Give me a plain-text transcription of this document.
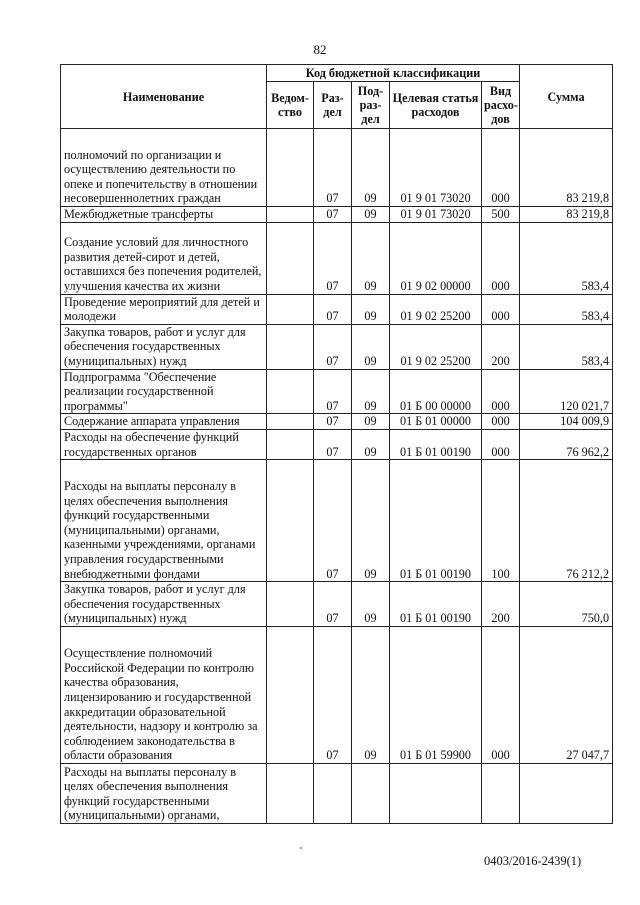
82
Наименование	Код бюджетной классификации					Сумма
	Ведом-ство	Раз-дел	Под-раз-дел	Целевая статья расходов	Вид расхо-дов	
полномочий по организации и осуществлению деятельности по опеке и попечительству в отношении несовершеннолетних граждан		07	09	01 9 01 73020	000	83 219,8
Межбюджетные трансферты		07	09	01 9 01 73020	500	83 219,8
Создание условий для личностного развития детей-сирот и детей, оставшихся без попечения родителей, улучшения качества их жизни		07	09	01 9 02 00000	000	583,4
Проведение мероприятий для детей и молодежи		07	09	01 9 02 25200	000	583,4
Закупка товаров, работ и услуг для обеспечения государственных (муниципальных) нужд		07	09	01 9 02 25200	200	583,4
Подпрограмма "Обеспечение реализации государственной программы"		07	09	01 Б 00 00000	000	120 021,7
Содержание аппарата управления		07	09	01 Б 01 00000	000	104 009,9
Расходы на обеспечение функций государственных органов		07	09	01 Б 01 00190	000	76 962,2
Расходы на выплаты персоналу в целях обеспечения выполнения функций государственными (муниципальными) органами, казенными учреждениями, органами управления государственными внебюджетными фондами		07	09	01 Б 01 00190	100	76 212,2
Закупка товаров, работ и услуг для обеспечения государственных (муниципальных) нужд		07	09	01 Б 01 00190	200	750,0
Осуществление полномочий Российской Федерации по контролю качества образования, лицензированию и государственной аккредитации образовательной деятельности, надзору и контролю за соблюдением законодательства в области образования		07	09	01 Б 01 59900	000	27 047,7
Расходы на выплаты персоналу в целях обеспечения выполнения функций государственными (муниципальными) органами,						
0403/2016-2439(1)
